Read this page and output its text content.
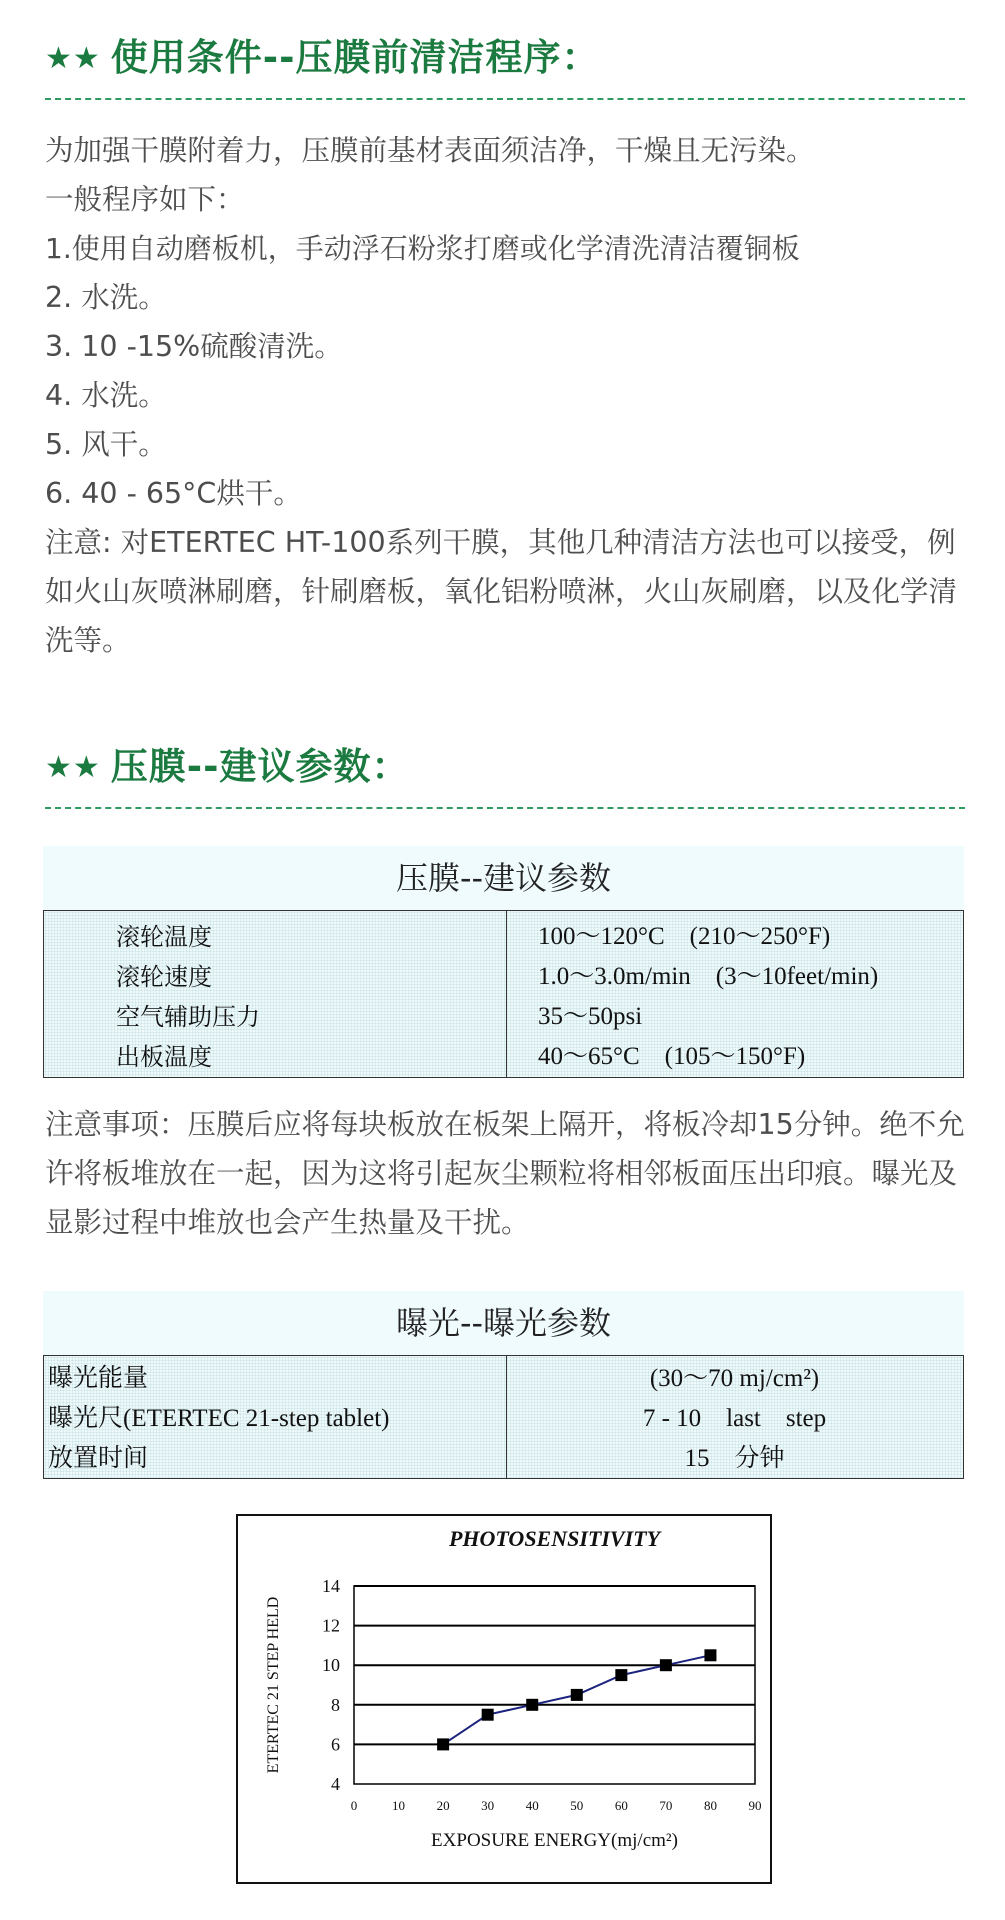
★★ 使用条件--压膜前清洁程序：

为加强干膜附着力，压膜前基材表面须洁净，干燥且无污染。

一般程序如下：

1.使用自动磨板机，手动浮石粉浆打磨或化学清洗清洁覆铜板

2. 水洗。

3. 10 -15%硫酸清洗。

4. 水洗。

5. 风干。

6. 40 - 65°C烘干。

注意: 对ETERTEC HT-100系列干膜，其他几种清洁方法也可以接受，例如火山灰喷淋刷磨，针刷磨板，氧化铝粉喷淋，火山灰刷磨，以及化学清洗等。

★★ 压膜--建议参数：
压膜--建议参数
滚轮温度
滚轮速度
空气辅助压力
出板温度
100～120°C　(210～250°F)
1.0～3.0m/min　(3～10feet/min)
35～50psi
40～65°C　(105～150°F)

注意事项：压膜后应将每块板放在板架上隔开，将板冷却15分钟。绝不允许将板堆放在一起，因为这将引起灰尘颗粒将相邻板面压出印痕。曝光及显影过程中堆放也会产生热量及干扰。

曝光--曝光参数
曝光能量
曝光尺(ETERTEC 21-step tablet)
放置时间
(30～70 mj/cm²)
7 - 10　last　step
15　分钟
PHOTOSENSITIVITY
4
6
8
10
12
14
0	10 20 30 40 50 60 70 80 90
EXPOSURE ENERGY(mj/cm²)
ETERTEC 21 STEP HELD
